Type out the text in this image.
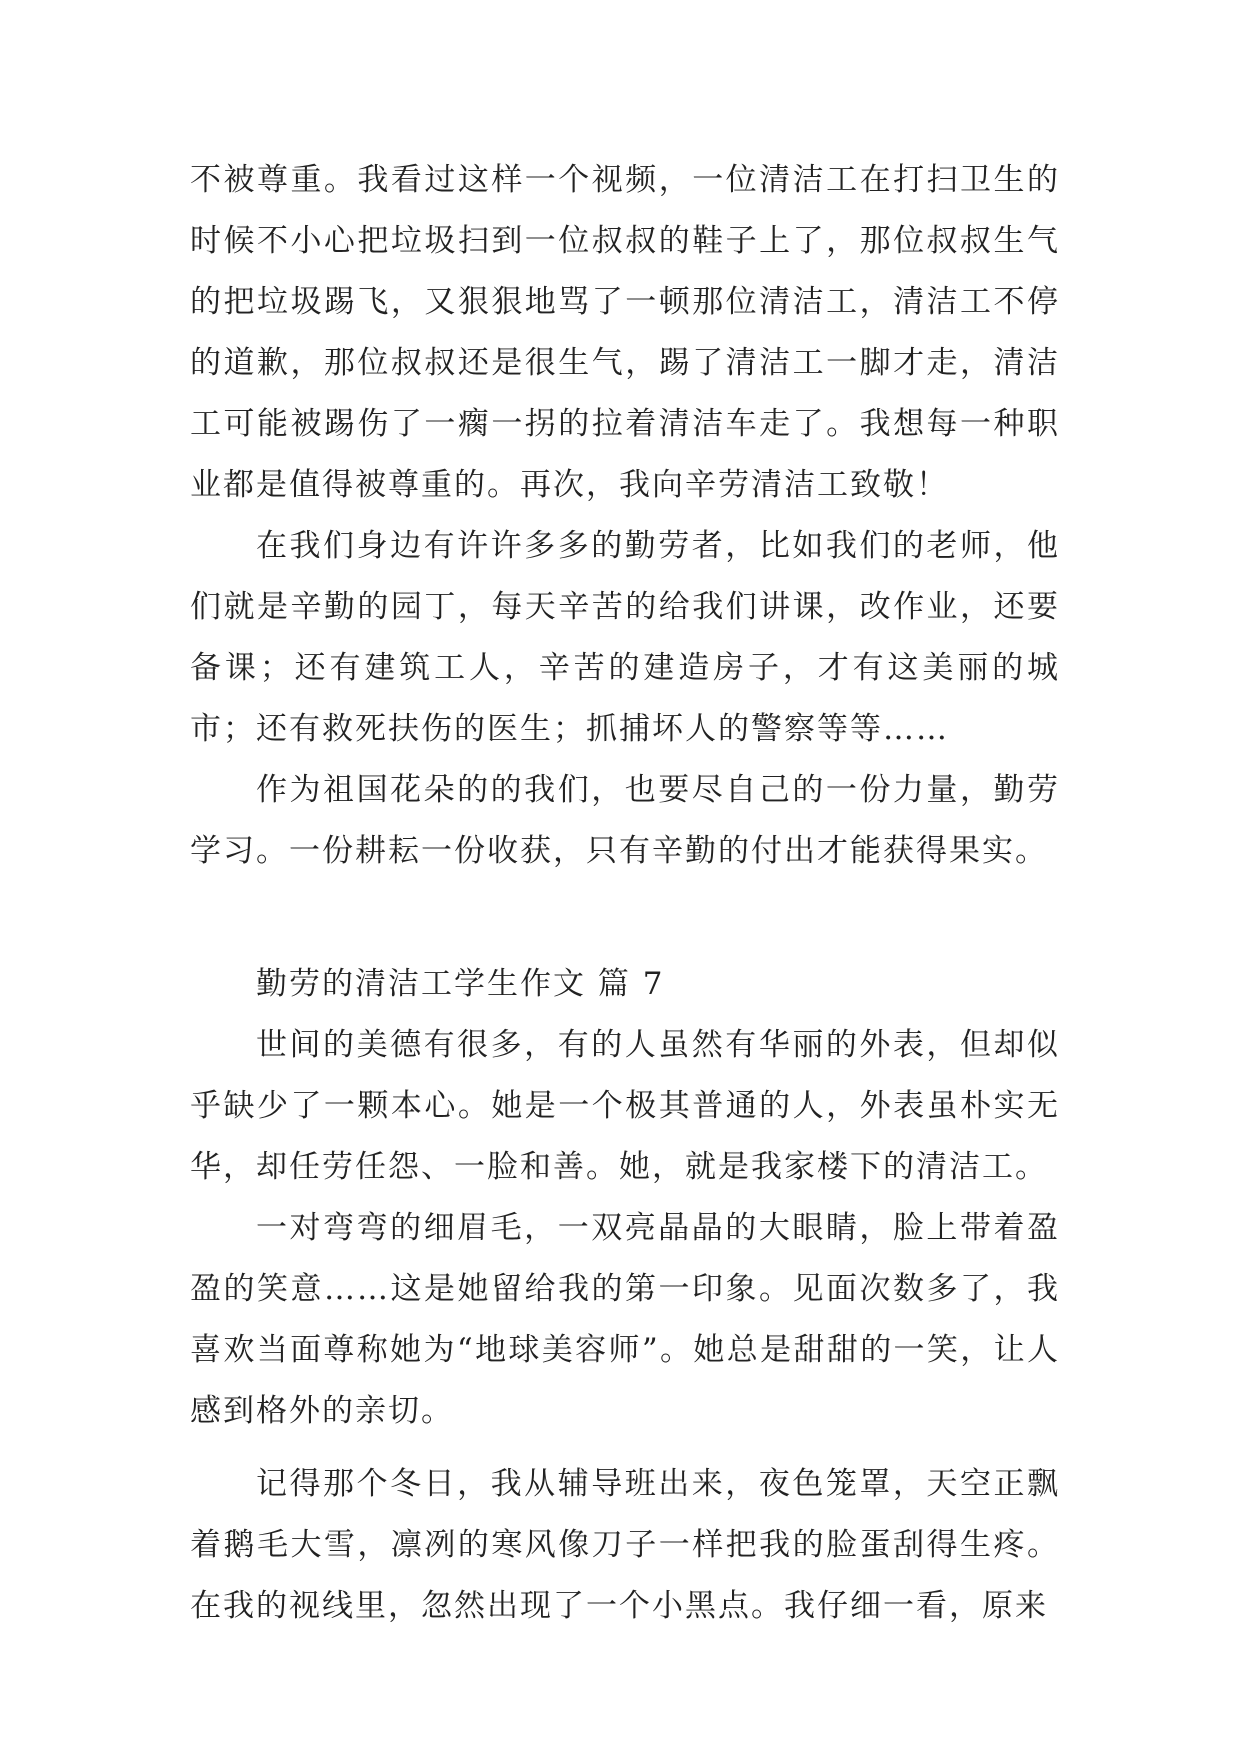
不被尊重。我看过这样一个视频，一位清洁工在打扫卫生的时候不小心把垃圾扫到一位叔叔的鞋子上了，那位叔叔生气的把垃圾踢飞，又狠狠地骂了一顿那位清洁工，清洁工不停的道歉，那位叔叔还是很生气，踢了清洁工一脚才走，清洁工可能被踢伤了一瘸一拐的拉着清洁车走了。我想每一种职业都是值得被尊重的。再次，我向辛劳清洁工致敬！

在我们身边有许许多多的勤劳者，比如我们的老师，他们就是辛勤的园丁，每天辛苦的给我们讲课，改作业，还要备课；还有建筑工人，辛苦的建造房子，才有这美丽的城市；还有救死扶伤的医生；抓捕坏人的警察等等……

作为祖国花朵的的我们，也要尽自己的一份力量，勤劳学习。一份耕耘一份收获，只有辛勤的付出才能获得果实。

勤劳的清洁工学生作文 篇 7

世间的美德有很多，有的人虽然有华丽的外表，但却似乎缺少了一颗本心。她是一个极其普通的人，外表虽朴实无华，却任劳任怨、一脸和善。她，就是我家楼下的清洁工。

一对弯弯的细眉毛，一双亮晶晶的大眼睛，脸上带着盈盈的笑意……这是她留给我的第一印象。见面次数多了，我喜欢当面尊称她为“地球美容师”。她总是甜甜的一笑，让人感到格外的亲切。

记得那个冬日，我从辅导班出来，夜色笼罩，天空正飘着鹅毛大雪，凛冽的寒风像刀子一样把我的脸蛋刮得生疼。在我的视线里，忽然出现了一个小黑点。我仔细一看，原来
